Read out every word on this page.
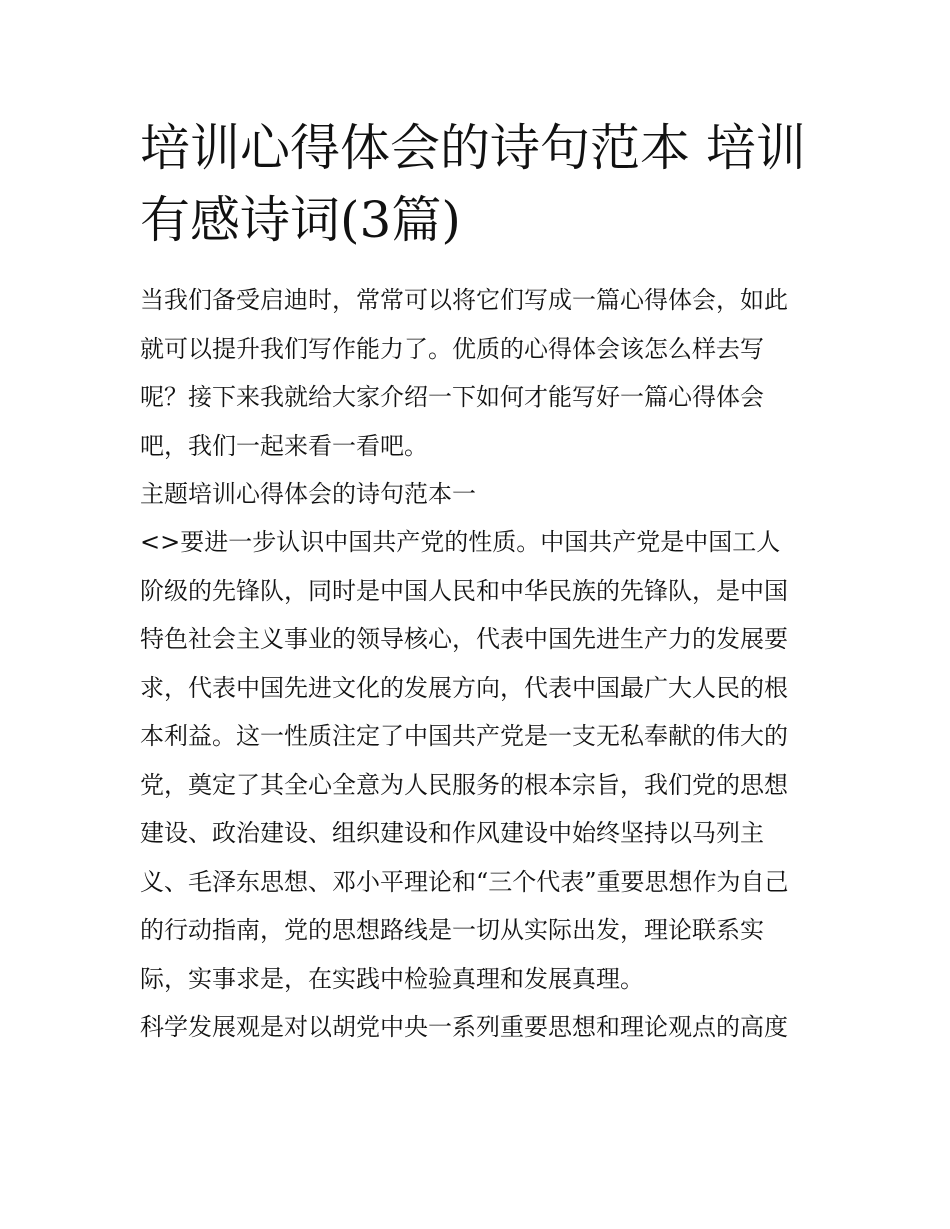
培训心得体会的诗句范本 培训
有感诗词(3篇)
当我们备受启迪时，常常可以将它们写成一篇心得体会，如此
就可以提升我们写作能力了。优质的心得体会该怎么样去写
呢？接下来我就给大家介绍一下如何才能写好一篇心得体会
吧，我们一起来看一看吧。
主题培训心得体会的诗句范本一
<>要进一步认识中国共产党的性质。中国共产党是中国工人
阶级的先锋队，同时是中国人民和中华民族的先锋队，是中国
特色社会主义事业的领导核心，代表中国先进生产力的发展要
求，代表中国先进文化的发展方向，代表中国最广大人民的根
本利益。这一性质注定了中国共产党是一支无私奉献的伟大的
党，奠定了其全心全意为人民服务的根本宗旨，我们党的思想
建设、政治建设、组织建设和作风建设中始终坚持以马列主
义、毛泽东思想、邓小平理论和“三个代表”重要思想作为自己
的行动指南，党的思想路线是一切从实际出发，理论联系实
际，实事求是，在实践中检验真理和发展真理。
科学发展观是对以胡党中央一系列重要思想和理论观点的高度
